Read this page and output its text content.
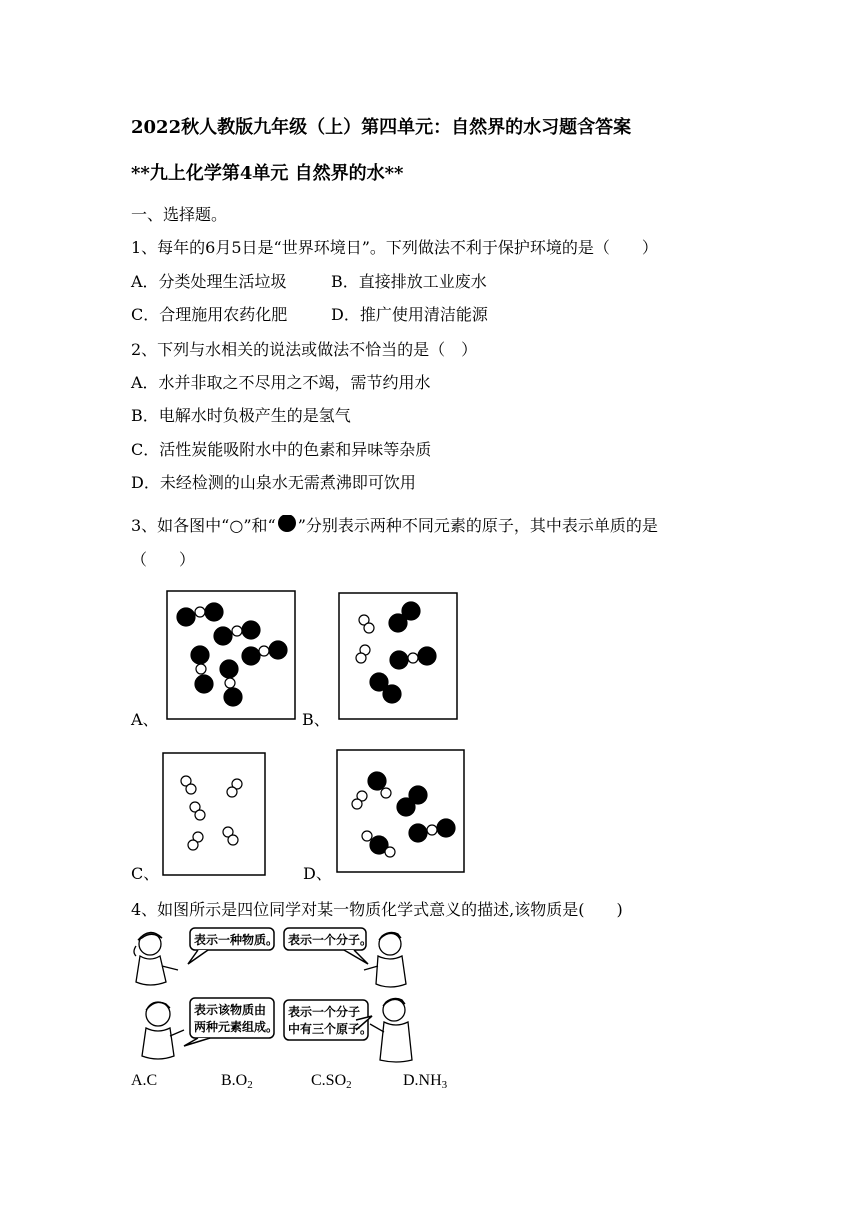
2022秋人教版九年级（上）第四单元：自然界的水习题含答案
**九上化学第4单元 自然界的水**
一、选择题。
1、每年的6月5日是“世界环境日”。下列做法不利于保护环境的是（　　）
A．分类处理生活垃圾	B．直接排放工业废水
C．合理施用农药化肥	D．推广使用清洁能源
2、下列与水相关的说法或做法不恰当的是（　）
A．水并非取之不尽用之不竭，需节约用水
B．电解水时负极产生的是氢气
C．活性炭能吸附水中的色素和异味等杂质
D．未经检测的山泉水无需煮沸即可饮用
3、如各图中“○”和“ ”分别表示两种不同元素的原子，其中表示单质的是
（　　）
A、	B、
C、	D、
4、如图所示是四位同学对某一物质化学式意义的描述,该物质是(　　)
表示一种物质。 表示一个分子。
表示该物质由
两种元素组成。
表示一个分子
中有三个原子。
A.C	$B.O_2$	$C.SO_2$	$D.NH_3$
